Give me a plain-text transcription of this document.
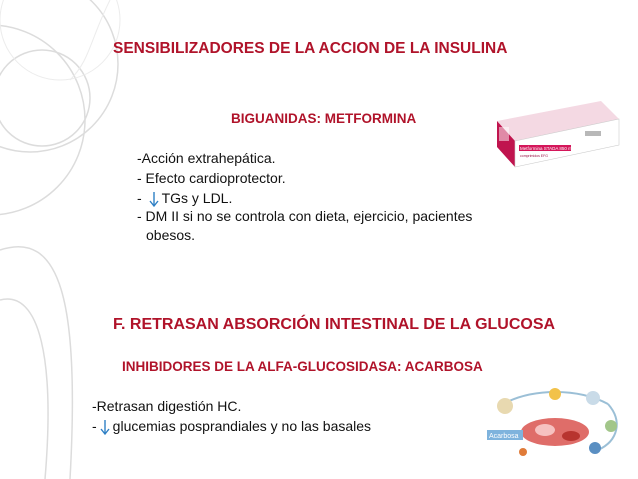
SENSIBILIZADORES DE LA ACCION DE LA INSULINA
BIGUANIDAS: METFORMINA
Metformina STADA 850 mg
comprimidos EFG
-Acción extrahepática.
- Efecto cardioprotector.
- TGs y LDL.
- DM II si no se controla con dieta, ejercicio, pacientes
obesos.
F. RETRASAN ABSORCIÓN INTESTINAL DE LA GLUCOSA
INHIBIDORES DE LA ALFA-GLUCOSIDASA: ACARBOSA
-Retrasan digestión HC.
- glucemias posprandiales y no las basales
Acarbosa
